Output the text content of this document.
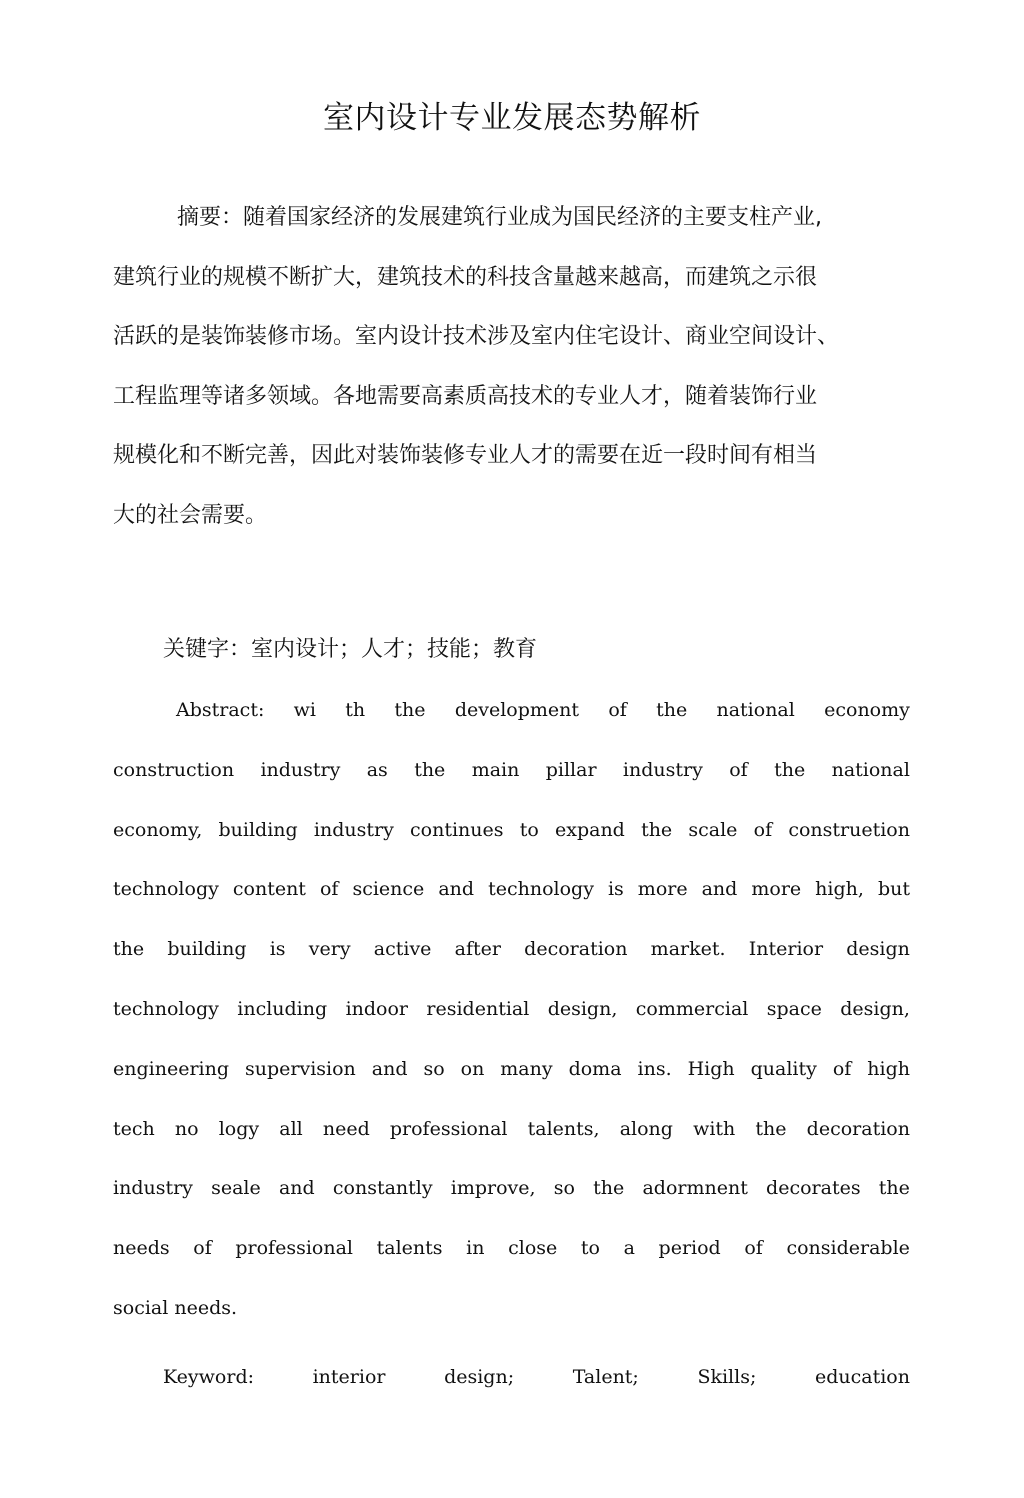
室内设计专业发展态势解析
摘要：随着国家经济的发展建筑行业成为国民经济的主要支柱产业,
建筑行业的规模不断扩大，建筑技术的科技含量越来越高，而建筑之示很
活跃的是装饰装修市场。室内设计技术涉及室内住宅设计、商业空间设计、
工程监理等诸多领域。各地需要高素质高技术的专业人才，随着装饰行业
规模化和不断完善，因此对装饰装修专业人才的需要在近一段时间有相当
大的社会需要。
关键字：室内设计；人才；技能；教育
Abstract: wi th the development of the national economy
construction industry as the main pillar industry of the national
economy, building industry continues to expand the scale of construetion
technology content of science and technology is more and more high, but
the building is very active after decoration market. Interior design
technology including indoor residential design, commercial space design,
engineering supervision and so on many doma ins. High quality of high
tech no logy all need professional talents, along with the decoration
industry seale and constantly improve, so the adormnent decorates the
needs of professional talents in close to a period of considerable
social needs.
Keyword:	interior	design;	Talent;	Skills;	education
